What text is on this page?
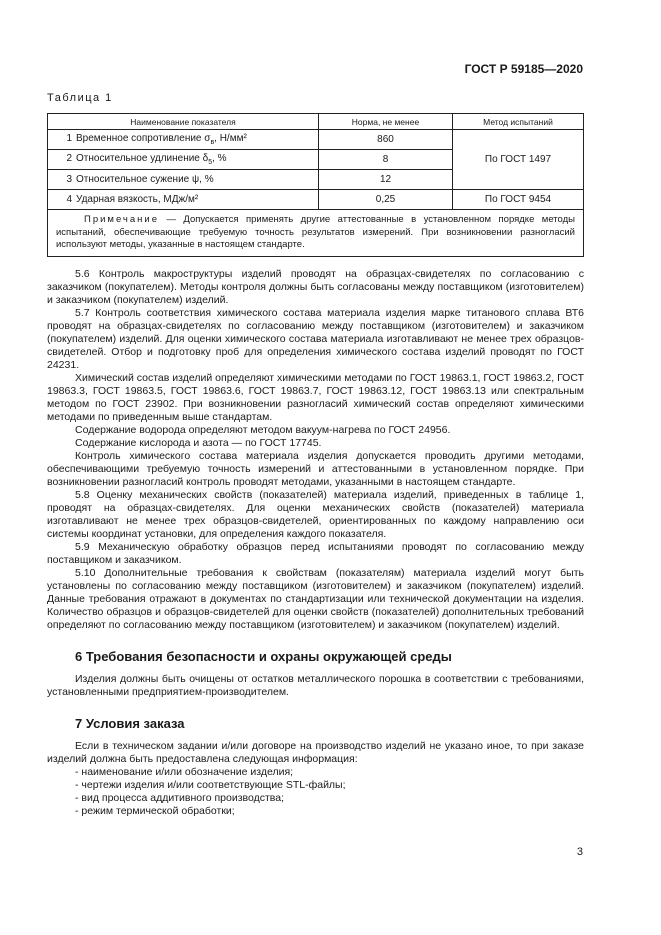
ГОСТ Р 59185—2020
Таблица 1
Наименование показателя	Норма, не менее	Метод испытаний
1 Временное сопротивление $\sigma_в$, Н/мм²	860	По ГОСТ 1497
2 Относительное удлинение $\delta_5$, %	8	
3 Относительное сужение ψ, %	12	
4 Ударная вязкость, МДж/м²	0,25	По ГОСТ 9454
Примечание — Допускается применять другие аттестованные в установленном порядке методы испытаний, обеспечивающие требуемую точность результатов измерений. При возникновении разногласий используют методы, указанные в настоящем стандарте.		

5.6 Контроль макроструктуры изделий проводят на образцах-свидетелях по согласованию с заказчиком (покупателем). Методы контроля должны быть согласованы между поставщиком (изготовителем) и заказчиком (покупателем) изделий.

5.7 Контроль соответствия химического состава материала изделия марке титанового сплава ВТ6 проводят на образцах-свидетелях по согласованию между поставщиком (изготовителем) и заказчиком (покупателем) изделий. Для оценки химического состава материала изготавливают не менее трех образцов-свидетелей. Отбор и подготовку проб для определения химического состава изделий проводят по ГОСТ 24231.

Химический состав изделий определяют химическими методами по ГОСТ 19863.1, ГОСТ 19863.2, ГОСТ 19863.3, ГОСТ 19863.5, ГОСТ 19863.6, ГОСТ 19863.7, ГОСТ 19863.12, ГОСТ 19863.13 или спектральным методом по ГОСТ 23902. При возникновении разногласий химический состав определяют химическими методами по приведенным выше стандартам.

Содержание водорода определяют методом вакуум-нагрева по ГОСТ 24956.

Содержание кислорода и азота — по ГОСТ 17745.

Контроль химического состава материала изделия допускается проводить другими методами, обеспечивающими требуемую точность измерений и аттестованными в установленном порядке. При возникновении разногласий контроль проводят методами, указанными в настоящем стандарте.

5.8 Оценку механических свойств (показателей) материала изделий, приведенных в таблице 1, проводят на образцах-свидетелях. Для оценки механических свойств (показателей) материала изготавливают не менее трех образцов-свидетелей, ориентированных по каждому направлению оси системы координат установки, для определения каждого показателя.

5.9 Механическую обработку образцов перед испытаниями проводят по согласованию между поставщиком и заказчиком.

5.10 Дополнительные требования к свойствам (показателям) материала изделий могут быть установлены по согласованию между поставщиком (изготовителем) и заказчиком (покупателем) изделий. Данные требования отражают в документах по стандартизации или технической документации на изделия. Количество образцов и образцов-свидетелей для оценки свойств (показателей) дополнительных требований определяют по согласованию между поставщиком (изготовителем) и заказчиком (покупателем) изделий.

6 Требования безопасности и охраны окружающей среды

Изделия должны быть очищены от остатков металлического порошка в соответствии с требованиями, установленными предприятием-производителем.

7 Условия заказа

Если в техническом задании и/или договоре на производство изделий не указано иное, то при заказе изделий должна быть предоставлена следующая информация:

- наименование и/или обозначение изделия;

- чертежи изделия и/или соответствующие STL-файлы;

- вид процесса аддитивного производства;

- режим термической обработки;

3
